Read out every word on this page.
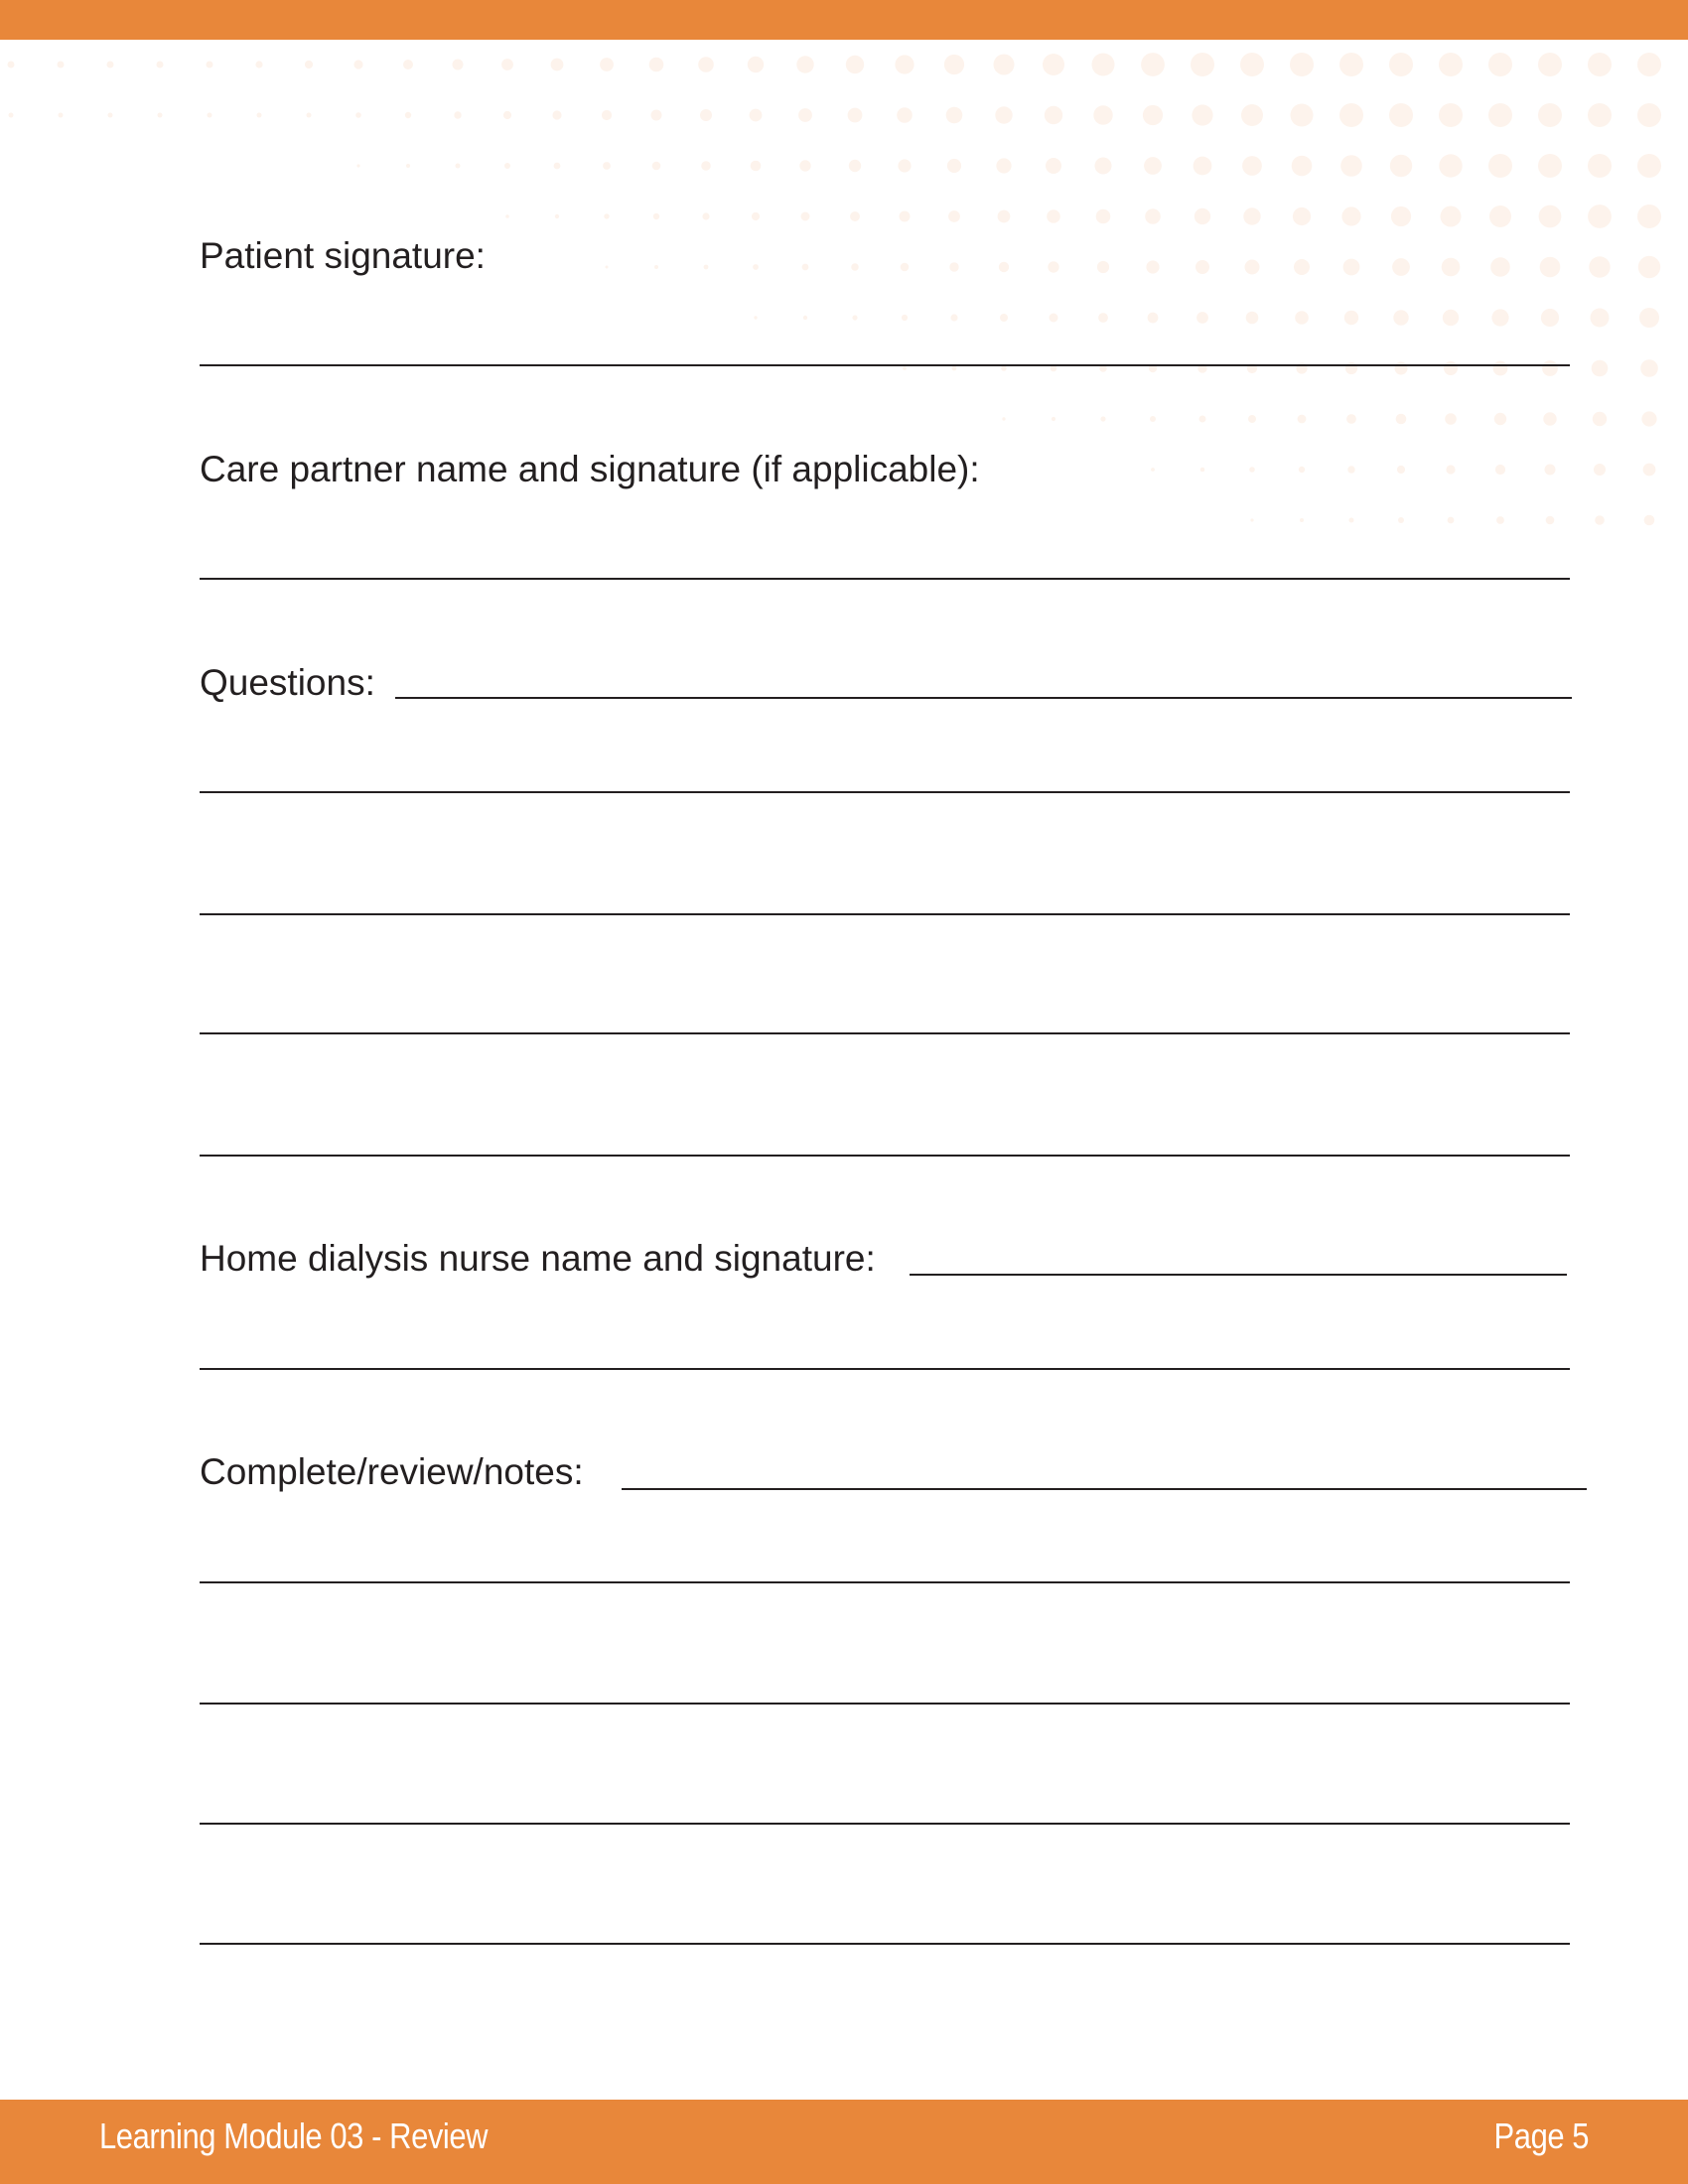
Patient signature:
Care partner name and signature (if applicable):
Questions:
Home dialysis nurse name and signature:
Complete/review/notes:
Learning Module 03 - Review	Page 5
